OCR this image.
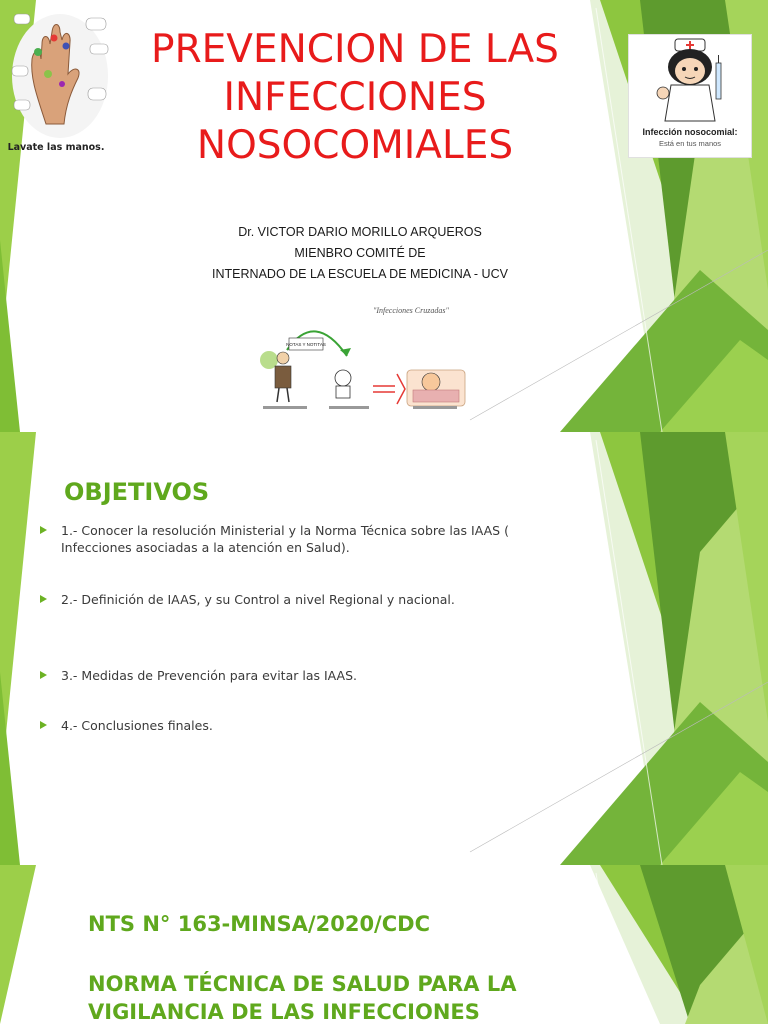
Lavate las manos.
PREVENCION DE LAS
INFECCIONES
NOSOCOMIALES	Infección nosocomial:
Está en tus manos
Dr. VICTOR DARIO MORILLO ARQUEROS
MIENBRO COMITÉ DE
INTERNADO DE LA ESCUELA DE MEDICINA - UCV
"Infecciones Cruzadas"
NOTAS Y NOTITAS
OBJETIVOS
1.- Conocer la resolución Ministerial y la Norma Técnica sobre las IAAS ( Infecciones asociadas a la atención en Salud).
2.- Definición de IAAS, y su Control a nivel Regional y nacional.
3.- Medidas de Prevención para evitar las IAAS.
4.- Conclusiones finales.
NTS N° 163-MINSA/2020/CDC
NORMA TÉCNICA DE SALUD PARA LA
VIGILANCIA DE LAS INFECCIONES
